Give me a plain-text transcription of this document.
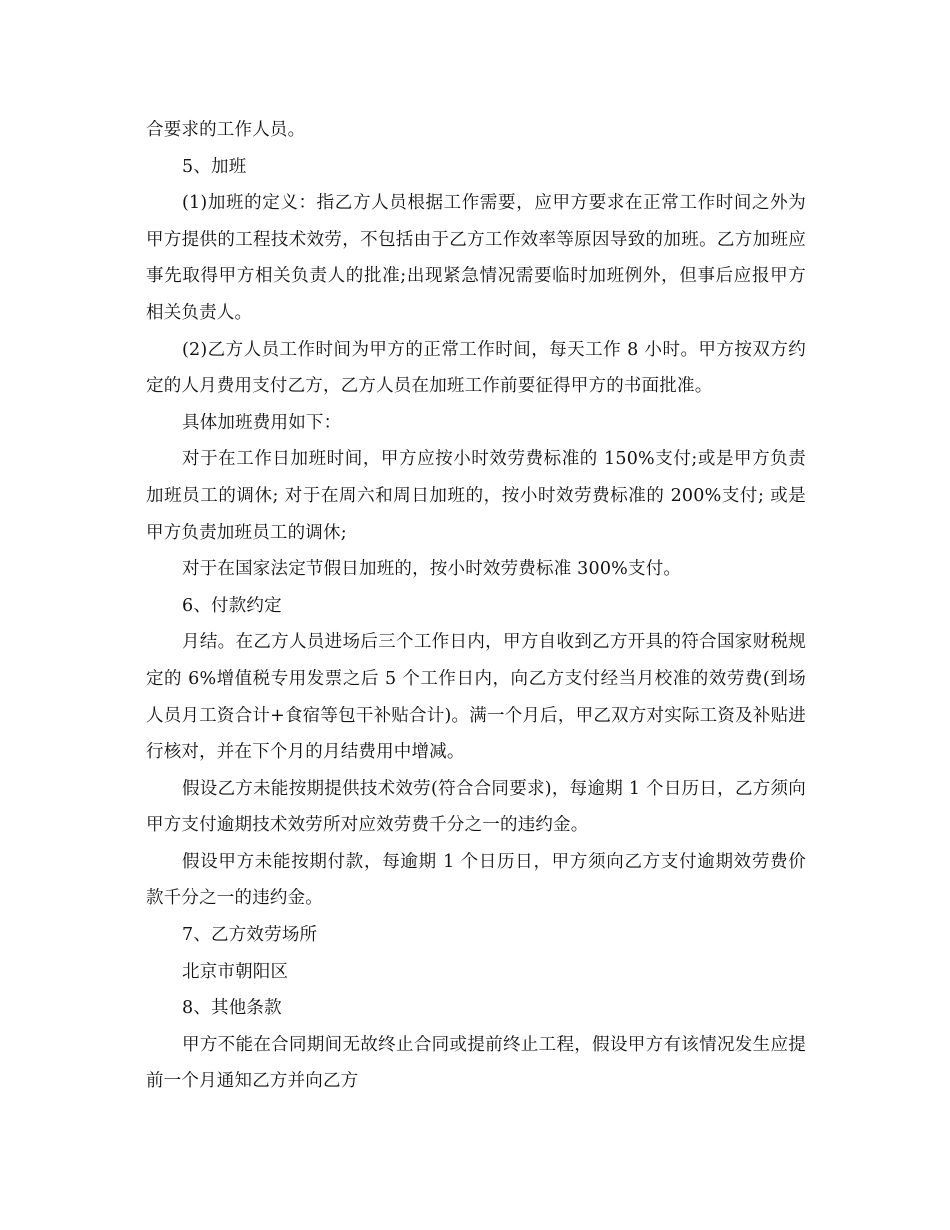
合要求的工作人员。

5、加班

(1)加班的定义：指乙方人员根据工作需要，应甲方要求在正常工作时间之外为甲方提供的工程技术效劳，不包括由于乙方工作效率等原因导致的加班。乙方加班应事先取得甲方相关负责人的批准;出现紧急情况需要临时加班例外，但事后应报甲方相关负责人。

(2)乙方人员工作时间为甲方的正常工作时间，每天工作 8 小时。甲方按双方约定的人月费用支付乙方，乙方人员在加班工作前要征得甲方的书面批准。

具体加班费用如下：

对于在工作日加班时间，甲方应按小时效劳费标准的 150%支付;或是甲方负责加班员工的调休; 对于在周六和周日加班的，按小时效劳费标准的 200%支付; 或是甲方负责加班员工的调休;

对于在国家法定节假日加班的，按小时效劳费标准 300%支付。

6、付款约定

月结。在乙方人员进场后三个工作日内，甲方自收到乙方开具的符合国家财税规定的 6%增值税专用发票之后 5 个工作日内，向乙方支付经当月校准的效劳费(到场人员月工资合计+食宿等包干补贴合计)。满一个月后，甲乙双方对实际工资及补贴进行核对，并在下个月的月结费用中增减。

假设乙方未能按期提供技术效劳(符合合同要求)，每逾期 1 个日历日，乙方须向甲方支付逾期技术效劳所对应效劳费千分之一的违约金。

假设甲方未能按期付款，每逾期 1 个日历日，甲方须向乙方支付逾期效劳费价款千分之一的违约金。

7、乙方效劳场所

北京市朝阳区

8、其他条款

甲方不能在合同期间无故终止合同或提前终止工程，假设甲方有该情况发生应提前一个月通知乙方并向乙方
